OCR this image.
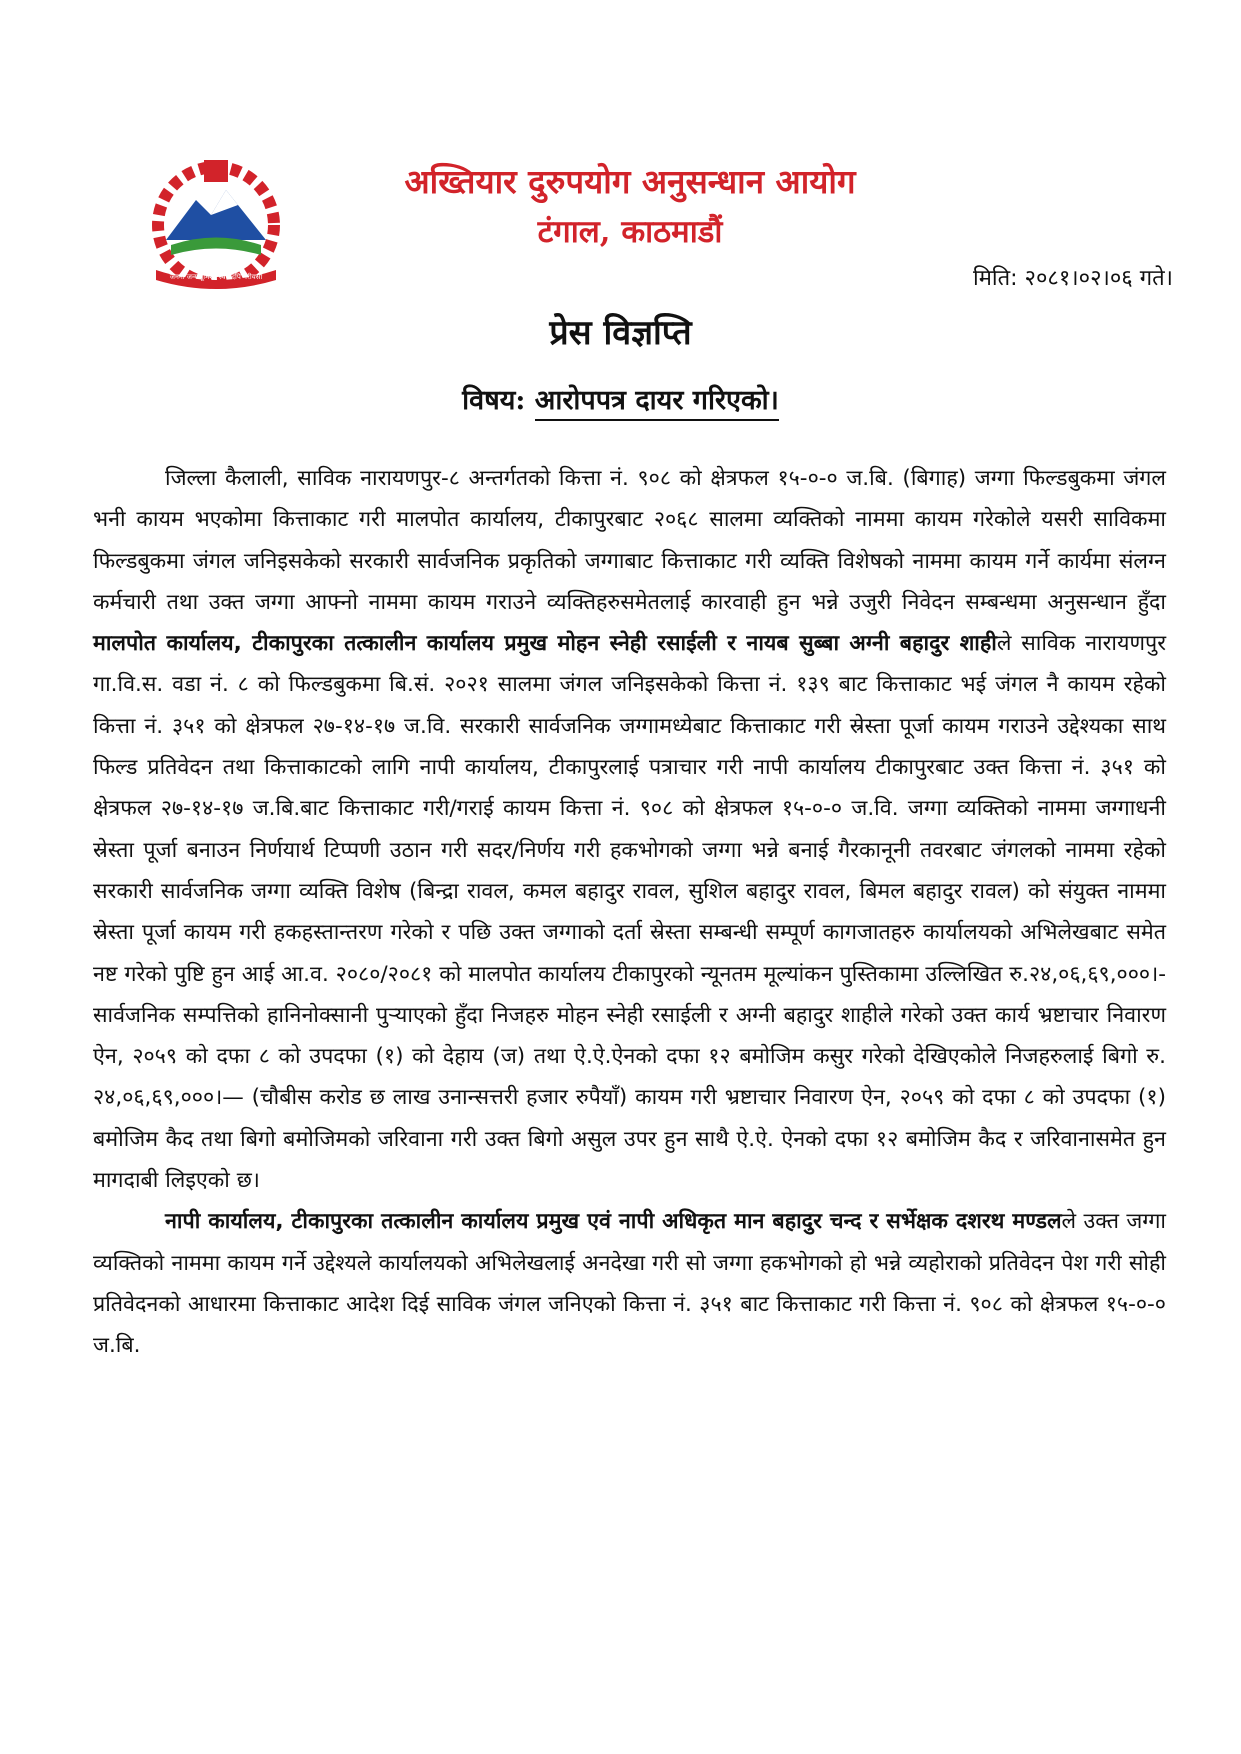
जननी जन्मभूमिश्च स्वर्गादपि गरीयसी
अख्तियार दुरुपयोग अनुसन्धान आयोग
टंगाल, काठमाडौं
मिति: २०८१।०२।०६ गते।
प्रेस विज्ञप्ति
विषय: आरोपपत्र दायर गरिएको।

जिल्ला कैलाली, साविक नारायणपुर-८ अन्तर्गतको कित्ता नं. ९०८ को क्षेत्रफल १५-०-० ज.बि. (बिगाह) जग्गा फिल्डबुकमा जंगल भनी कायम भएकोमा कित्ताकाट गरी मालपोत कार्यालय, टीकापुरबाट २०६८ सालमा व्यक्तिको नाममा कायम गरेकोले यसरी साविकमा फिल्डबुकमा जंगल जनिइसकेको सरकारी सार्वजनिक प्रकृतिको जग्गाबाट कित्ताकाट गरी व्यक्ति विशेषको नाममा कायम गर्ने कार्यमा संलग्न कर्मचारी तथा उक्त जग्गा आफ्नो नाममा कायम गराउने व्यक्तिहरुसमेतलाई कारवाही हुन भन्ने उजुरी निवेदन सम्बन्धमा अनुसन्धान हुँदा मालपोत कार्यालय, टीकापुरका तत्कालीन कार्यालय प्रमुख मोहन स्नेही रसाईली र नायब सुब्बा अग्नी बहादुर शाहीले साविक नारायणपुर गा.वि.स. वडा नं. ८ को फिल्डबुकमा बि.सं. २०२१ सालमा जंगल जनिइसकेको कित्ता नं. १३९ बाट कित्ताकाट भई जंगल नै कायम रहेको कित्ता नं. ३५१ को क्षेत्रफल २७-१४-१७ ज.वि. सरकारी सार्वजनिक जग्गामध्येबाट कित्ताकाट गरी स्रेस्ता पूर्जा कायम गराउने उद्देश्यका साथ फिल्ड प्रतिवेदन तथा कित्ताकाटको लागि नापी कार्यालय, टीकापुरलाई पत्राचार गरी नापी कार्यालय टीकापुरबाट उक्त कित्ता नं. ३५१ को क्षेत्रफल २७-१४-१७ ज.बि.बाट कित्ताकाट गरी/गराई कायम कित्ता नं. ९०८ को क्षेत्रफल १५-०-० ज.वि. जग्गा व्यक्तिको नाममा जग्गाधनी स्रेस्ता पूर्जा बनाउन निर्णयार्थ टिप्पणी उठान गरी सदर/निर्णय गरी हकभोगको जग्गा भन्ने बनाई गैरकानूनी तवरबाट जंगलको नाममा रहेको सरकारी सार्वजनिक जग्गा व्यक्ति विशेष (बिन्द्रा रावल, कमल बहादुर रावल, सुशिल बहादुर रावल, बिमल बहादुर रावल) को संयुक्त नाममा स्रेस्ता पूर्जा कायम गरी हकहस्तान्तरण गरेको र पछि उक्त जग्गाको दर्ता स्रेस्ता सम्बन्धी सम्पूर्ण कागजातहरु कार्यालयको अभिलेखबाट समेत नष्ट गरेको पुष्टि हुन आई आ.व. २०८०/२०८१ को मालपोत कार्यालय टीकापुरको न्यूनतम मूल्यांकन पुस्तिकामा उल्लिखित रु.२४,०६,६९,०००।- सार्वजनिक सम्पत्तिको हानिनोक्सानी पुऱ्याएको हुँदा निजहरु मोहन स्नेही रसाईली र अग्नी बहादुर शाहीले गरेको उक्त कार्य भ्रष्टाचार निवारण ऐन, २०५९ को दफा ८ को उपदफा (१) को देहाय (ज) तथा ऐ.ऐ.ऐनको दफा १२ बमोजिम कसुर गरेको देखिएकोले निजहरुलाई बिगो रु. २४,०६,६९,०००।— (चौबीस करोड छ लाख उनान्सत्तरी हजार रुपैयाँ) कायम गरी भ्रष्टाचार निवारण ऐन, २०५९ को दफा ८ को उपदफा (१) बमोजिम कैद तथा बिगो बमोजिमको जरिवाना गरी उक्त बिगो असुल उपर हुन साथै ऐ.ऐ. ऐनको दफा १२ बमोजिम कैद र जरिवानासमेत हुन मागदाबी लिइएको छ।

नापी कार्यालय, टीकापुरका तत्कालीन कार्यालय प्रमुख एवं नापी अधिकृत मान बहादुर चन्द र सर्भेक्षक दशरथ मण्डलले उक्त जग्गा व्यक्तिको नाममा कायम गर्ने उद्देश्यले कार्यालयको अभिलेखलाई अनदेखा गरी सो जग्गा हकभोगको हो भन्ने व्यहोराको प्रतिवेदन पेश गरी सोही प्रतिवेदनको आधारमा कित्ताकाट आदेश दिई साविक जंगल जनिएको कित्ता नं. ३५१ बाट कित्ताकाट गरी कित्ता नं. ९०८ को क्षेत्रफल १५-०-० ज.बि.
